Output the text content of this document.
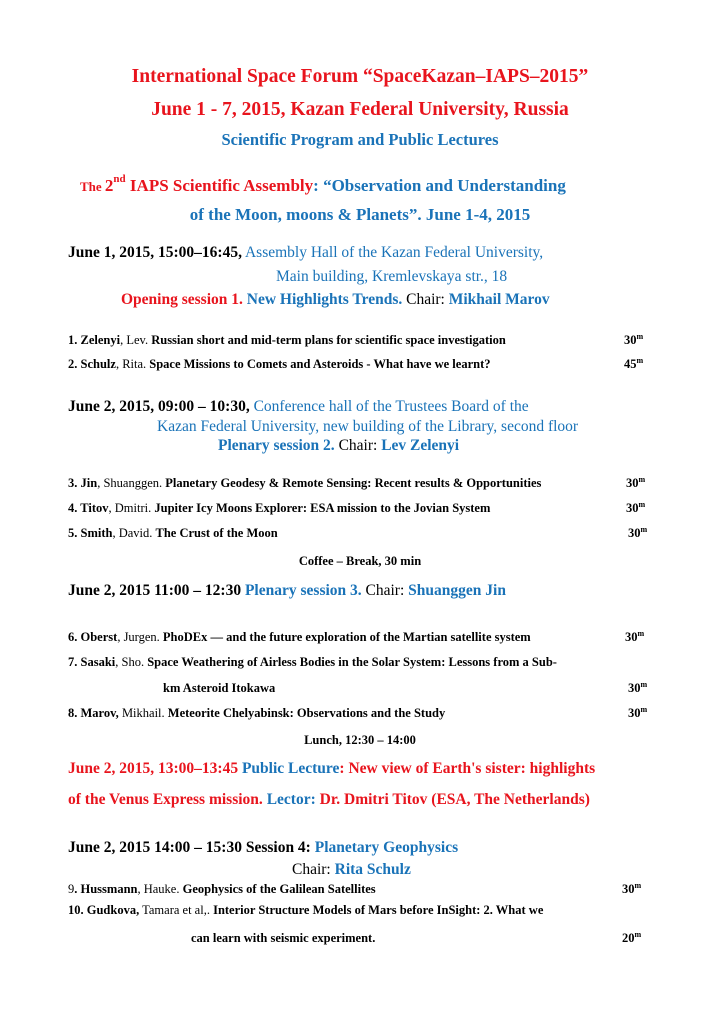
International Space Forum “SpaceKazan–IAPS–2015”
June 1 - 7, 2015, Kazan Federal University, Russia
Scientific Program and Public Lectures
The 2nd IAPS Scientific Assembly: “Observation and Understanding
of the Moon, moons & Planets”. June 1-4, 2015
June 1, 2015, 15:00–16:45, Assembly Hall of the Kazan Federal University,
Main building, Kremlevskaya str., 18
Opening session 1. New Highlights Trends. Chair: Mikhail Marov
1. Zelenyi, Lev. Russian short and mid-term plans for scientific space investigation	30$^m$
2. Schulz, Rita. Space Missions to Comets and Asteroids - What have we learnt?	45$^m$
June 2, 2015, 09:00 – 10:30, Conference hall of the Trustees Board of the
Kazan Federal University, new building of the Library, second floor
Plenary session 2. Chair: Lev Zelenyi
3. Jin, Shuanggen. Planetary Geodesy & Remote Sensing: Recent results & Opportunities	30$^m$
4. Titov, Dmitri. Jupiter Icy Moons Explorer: ESA mission to the Jovian System	30$^m$
5. Smith, David. The Crust of the Moon	30$^m$
Coffee – Break, 30 min
June 2, 2015 11:00 – 12:30 Plenary session 3. Chair: Shuanggen Jin
6. Oberst, Jurgen. PhoDEx — and the future exploration of the Martian satellite system	30$^m$
7. Sasaki, Sho. Space Weathering of Airless Bodies in the Solar System: Lessons from a Sub-
km Asteroid Itokawa	30$^m$
8. Marov, Mikhail. Meteorite Chelyabinsk: Observations and the Study	30$^m$
Lunch, 12:30 – 14:00
June 2, 2015, 13:00–13:45 Public Lecture: New view of Earth's sister: highlights
of the Venus Express mission. Lector: Dr. Dmitri Titov (ESA, The Netherlands)
June 2, 2015 14:00 – 15:30 Session 4: Planetary Geophysics
Chair: Rita Schulz
9. Hussmann, Hauke. Geophysics of the Galilean Satellites	30$^m$
10. Gudkova, Tamara et al,. Interior Structure Models of Mars before InSight: 2. What we
can learn with seismic experiment.	20$^m$
